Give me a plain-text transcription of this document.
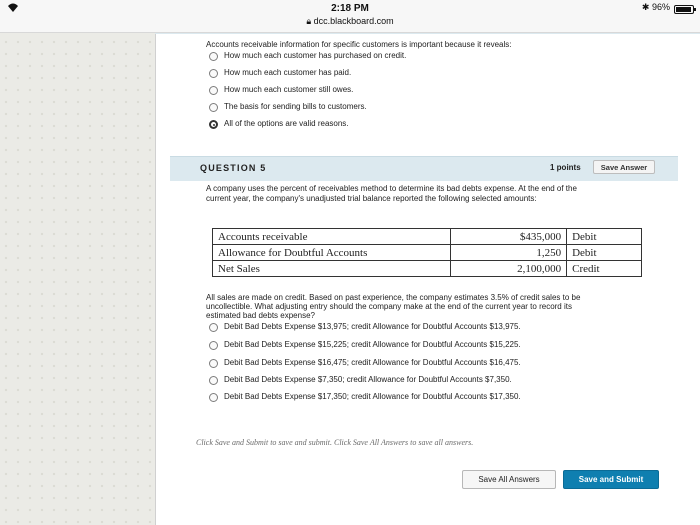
2:18 PM
🔒︎ dcc.blackboard.com
✱ 96%
Accounts receivable information for specific customers is important because it reveals:
How much each customer has purchased on credit.
How much each customer has paid.
How much each customer still owes.
The basis for sending bills to customers.
All of the options are valid reasons.
QUESTION 5	1 points	Save Answer
A company uses the percent of receivables method to determine its bad debts expense. At the end of the
current year, the company's unadjusted trial balance reported the following selected amounts:
Accounts receivable	$435,000	Debit
Allowance for Doubtful Accounts	1,250	Debit
Net Sales	2,100,000	Credit
All sales are made on credit. Based on past experience, the company estimates 3.5% of credit sales to be
uncollectible. What adjusting entry should the company make at the end of the current year to record its
estimated bad debts expense?
Debit Bad Debts Expense $13,975; credit Allowance for Doubtful Accounts $13,975.
Debit Bad Debts Expense $15,225; credit Allowance for Doubtful Accounts $15,225.
Debit Bad Debts Expense $16,475; credit Allowance for Doubtful Accounts $16,475.
Debit Bad Debts Expense $7,350; credit Allowance for Doubtful Accounts $7,350.
Debit Bad Debts Expense $17,350; credit Allowance for Doubtful Accounts $17,350.
Click Save and Submit to save and submit. Click Save All Answers to save all answers.
Save All Answers	Save and Submit
